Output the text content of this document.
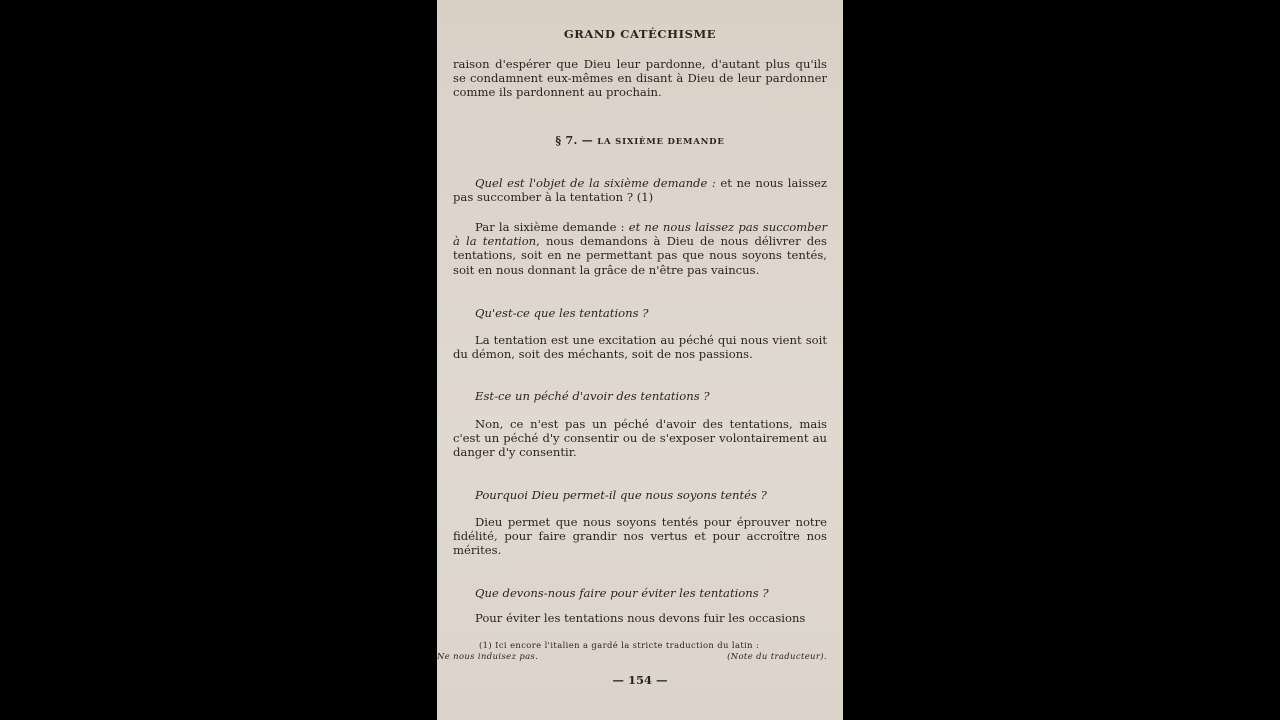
GRAND CATÉCHISME

raison d'espérer que Dieu leur pardonne, d'autant plus qu'ils se condamnent eux-mêmes en disant à Dieu de leur pardonner comme ils pardonnent au prochain.

§ 7. — LA SIXIÈME DEMANDE

Quel est l'objet de la sixième demande : et ne nous laissez pas succomber à la tentation ? (1)

Par la sixième demande : et ne nous laissez pas succomber à la tentation, nous demandons à Dieu de nous délivrer des tentations, soit en ne permettant pas que nous soyons tentés, soit en nous donnant la grâce de n'être pas vaincus.

Qu'est-ce que les tentations ?

La tentation est une excitation au péché qui nous vient soit du démon, soit des méchants, soit de nos passions.

Est-ce un péché d'avoir des tentations ?

Non, ce n'est pas un péché d'avoir des tentations, mais c'est un péché d'y consentir ou de s'exposer volontairement au danger d'y consentir.

Pourquoi Dieu permet-il que nous soyons tentés ?

Dieu permet que nous soyons tentés pour éprouver notre fidélité, pour faire grandir nos vertus et pour accroître nos mérites.

Que devons-nous faire pour éviter les tentations ?

Pour éviter les tentations nous devons fuir les occasions

(1) Ici encore l'italien a gardé la stricte traduction du latin :
Ne nous induisez pas.	(Note du traducteur).
— 154 —
